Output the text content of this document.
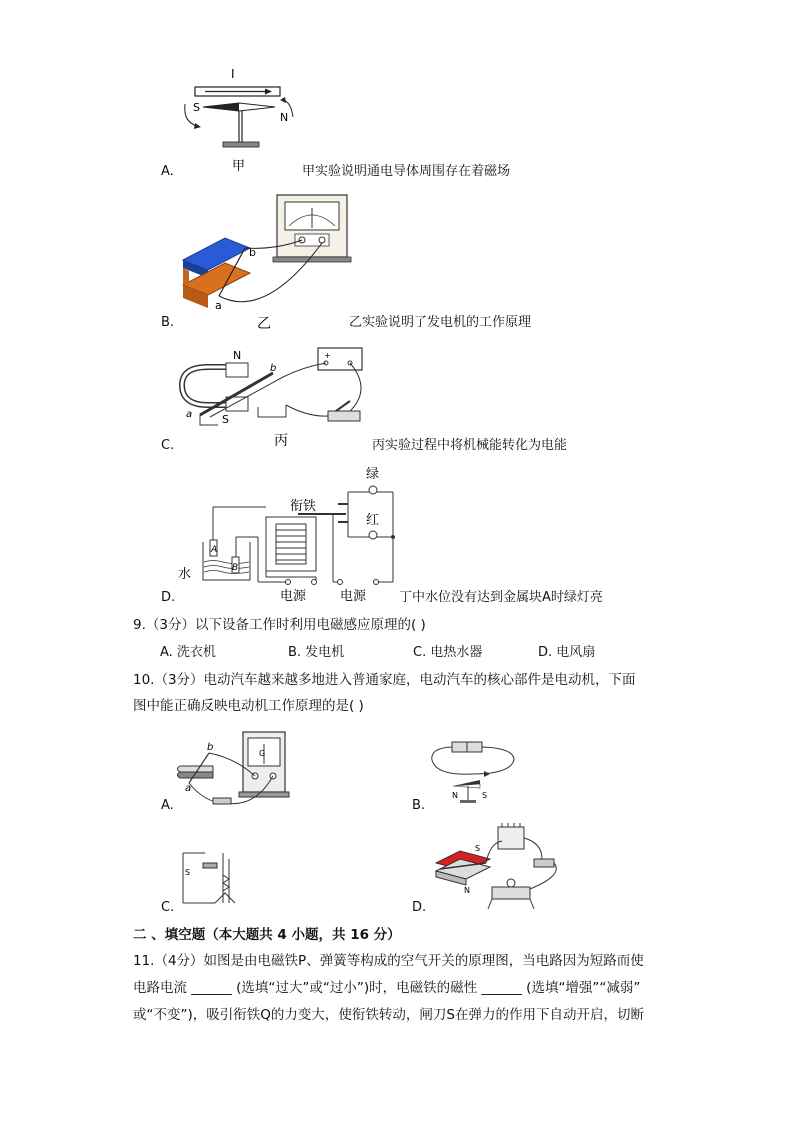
I
S
N
甲
A.	甲实验说明通电导体周围存在着磁场
b
a
乙
B.	乙实验说明了发电机的工作原理
N
S
b
a
+
丙
C.	丙实验过程中将机械能转化为电能
绿
红
衔铁
A
B
水
电源	电源
D.	丁中水位没有达到金属块A时绿灯亮
9.（3分）以下设备工作时利用电磁感应原理的( )
A. 洗衣机	B. 发电机	C. 电热水器	D. 电风扇
10.（3分）电动汽车越来越多地进入普通家庭，电动汽车的核心部件是电动机，下面
图中能正确反映电动机工作原理的是( )
b
a
G
A.
N	S
B.
S
C.
S
N
D.
二 、填空题（本大题共 4 小题，共 16 分）
11.（4分）如图是由电磁铁P、弹簧等构成的空气开关的原理图，当电路因为短路而使
电路电流 ______ (选填“过大”或“过小”)时，电磁铁的磁性 ______ (选填“增强”“减弱”
或“不变”)，吸引衔铁Q的力变大，使衔铁转动，闸刀S在弹力的作用下自动开启，切断
